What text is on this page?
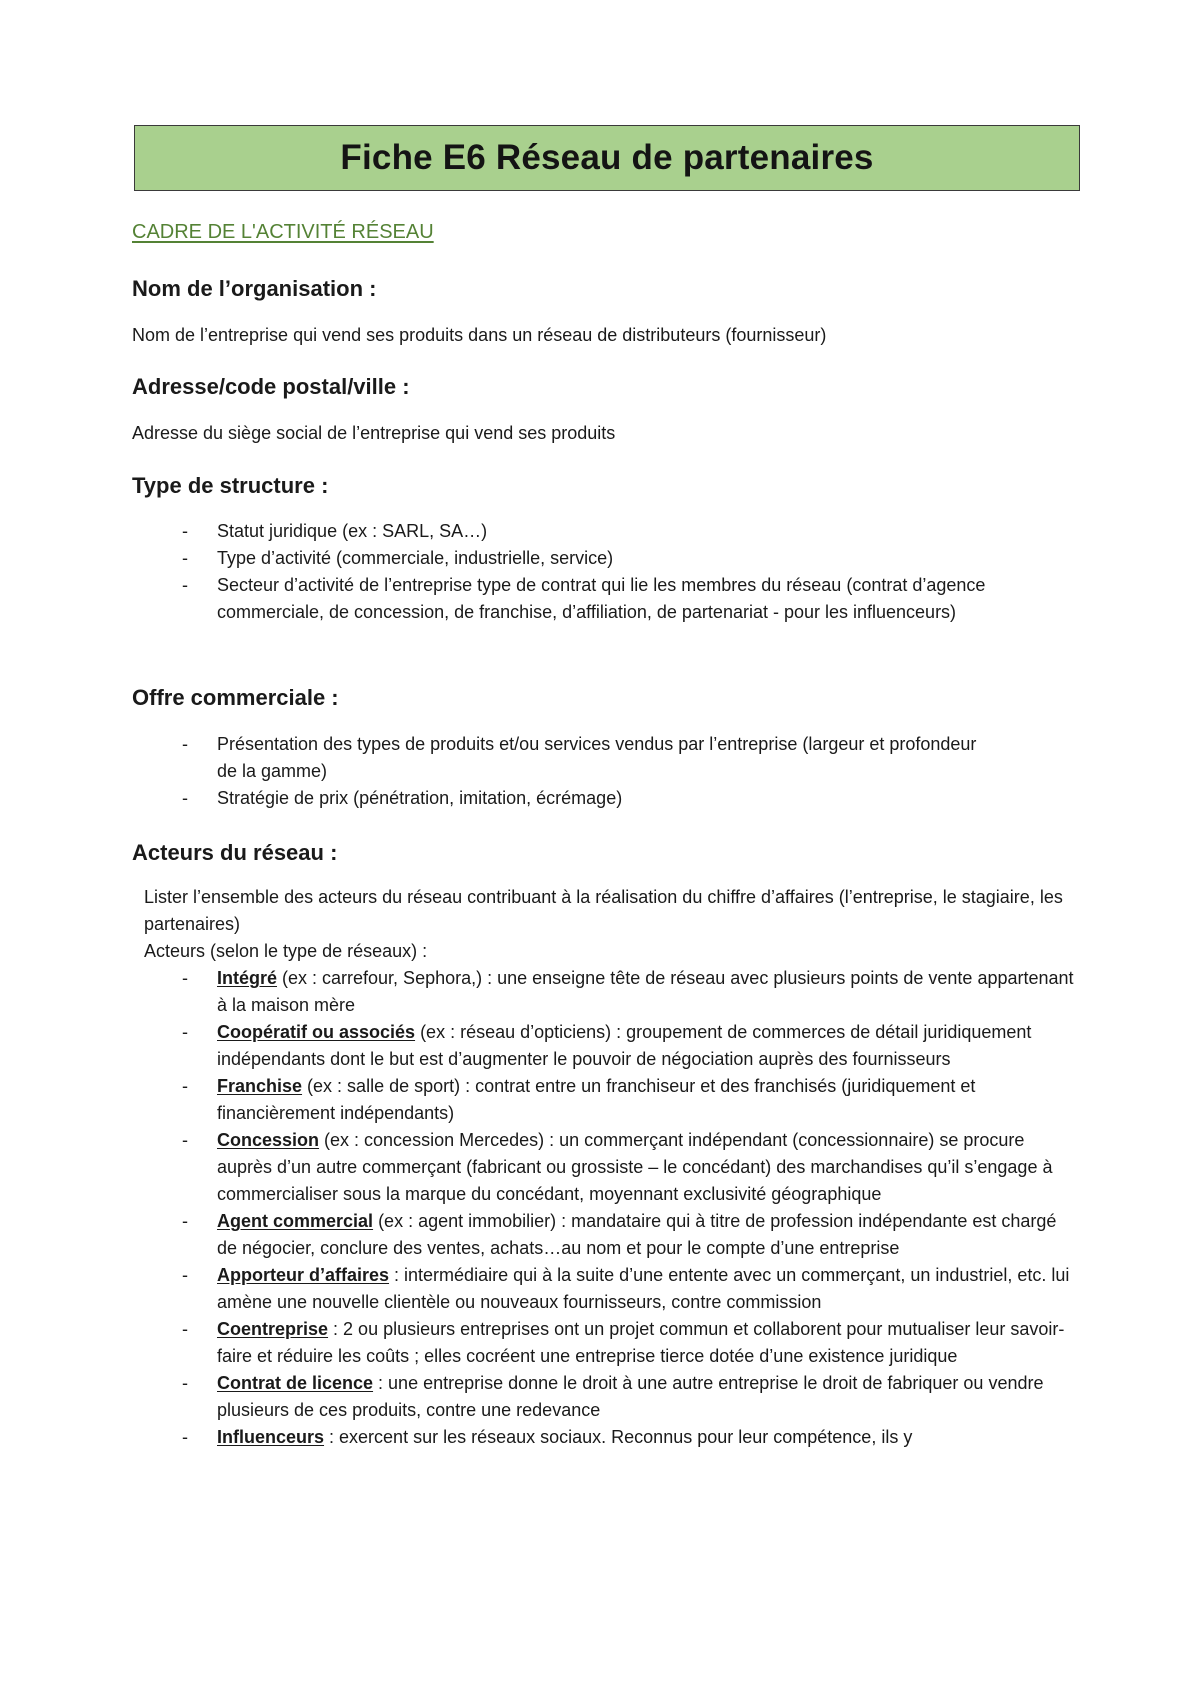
Fiche E6 Réseau de partenaires
CADRE DE L'ACTIVITÉ RÉSEAU
Nom de l’organisation :
Nom de l’entreprise qui vend ses produits dans un réseau de distributeurs (fournisseur)
Adresse/code postal/ville :
Adresse du siège social de l’entreprise qui vend ses produits
Type de structure :
- Statut juridique (ex : SARL, SA…)
- Type d’activité (commerciale, industrielle, service)
- Secteur d’activité de l’entreprise type de contrat qui lie les membres du réseau (contrat d’agence commerciale, de concession, de franchise, d’affiliation, de partenariat - pour les influenceurs)
Offre commerciale :
- Présentation des types de produits et/ou services vendus par l’entreprise (largeur et profondeur de la gamme)
- Stratégie de prix (pénétration, imitation, écrémage)
Acteurs du réseau :
Lister l’ensemble des acteurs du réseau contribuant à la réalisation du chiffre d’affaires (l’entreprise, le stagiaire, les partenaires)
Acteurs (selon le type de réseaux) :
- Intégré (ex : carrefour, Sephora,) : une enseigne tête de réseau avec plusieurs points de vente appartenant à la maison mère
- Coopératif ou associés (ex : réseau d’opticiens) : groupement de commerces de détail juridiquement indépendants dont le but est d’augmenter le pouvoir de négociation auprès des fournisseurs
- Franchise (ex : salle de sport) : contrat entre un franchiseur et des franchisés (juridiquement et financièrement indépendants)
- Concession (ex : concession Mercedes) : un commerçant indépendant (concessionnaire) se procure auprès d’un autre commerçant (fabricant ou grossiste – le concédant) des marchandises qu’il s’engage à commercialiser sous la marque du concédant, moyennant exclusivité géographique
- Agent commercial (ex : agent immobilier) : mandataire qui à titre de profession indépendante est chargé de négocier, conclure des ventes, achats…au nom et pour le compte d’une entreprise
- Apporteur d’affaires : intermédiaire qui à la suite d’une entente avec un commerçant, un industriel, etc. lui amène une nouvelle clientèle ou nouveaux fournisseurs, contre commission
- Coentreprise : 2 ou plusieurs entreprises ont un projet commun et collaborent pour mutualiser leur savoir-faire et réduire les coûts ; elles cocréent une entreprise tierce dotée d’une existence juridique
- Contrat de licence : une entreprise donne le droit à une autre entreprise le droit de fabriquer ou vendre plusieurs de ces produits, contre une redevance
- Influenceurs : exercent sur les réseaux sociaux. Reconnus pour leur compétence, ils y
